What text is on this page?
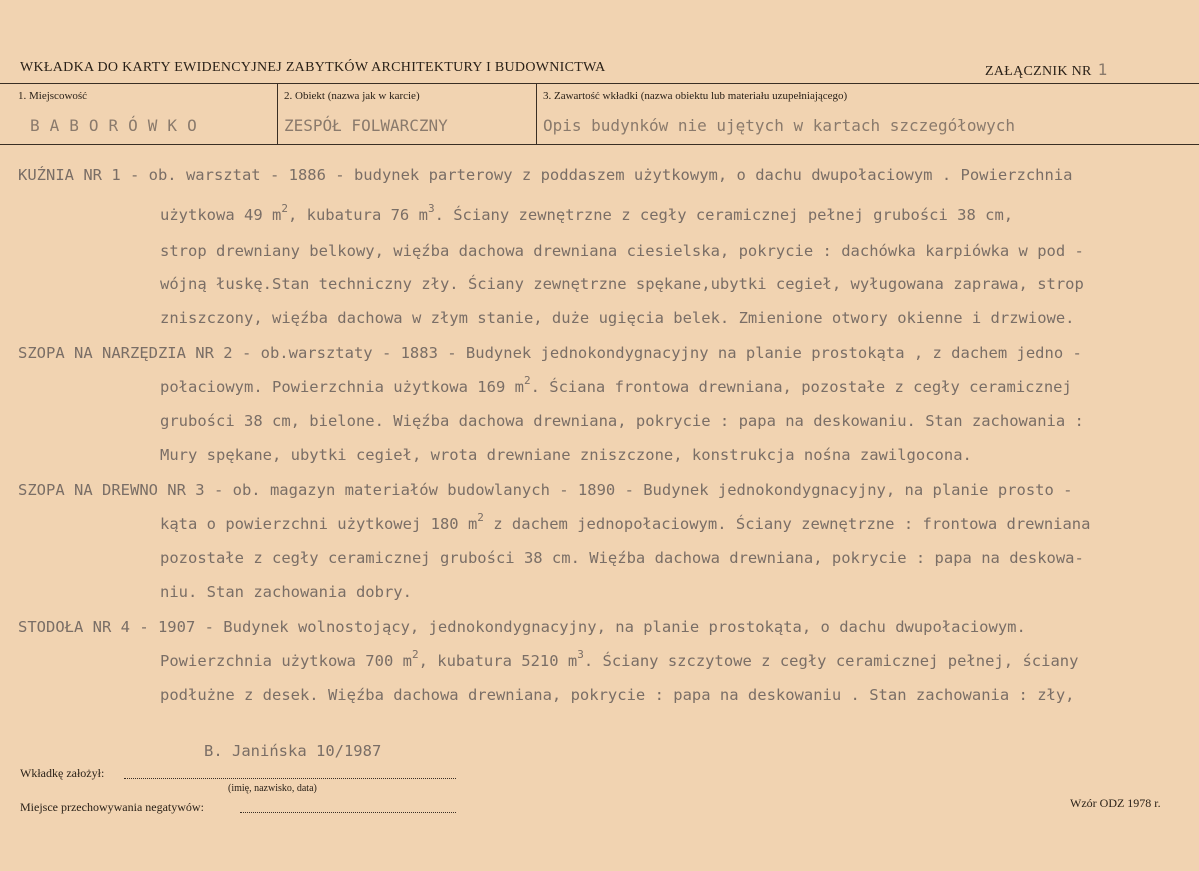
WKŁADKA DO KARTY EWIDENCYJNEJ ZABYTKÓW ARCHITEKTURY I BUDOWNICTWA	ZAŁĄCZNIK NR 1
1. Miejscowość
BABORÓWKO
2. Obiekt (nazwa jak w karcie)
ZESPÓŁ FOLWARCZNY
3. Zawartość wkładki (nazwa obiektu lub materiału uzupełniającego)
Opis budynków nie ujętych w kartach szczegółowych
KUŹNIA NR 1 - ob. warsztat - 1886 - budynek parterowy z poddaszem użytkowym, o dachu dwupołaciowym . Powierzchnia
użytkowa 49 $m^2$, kubatura 76 $m^3$. Ściany zewnętrzne z cegły ceramicznej pełnej grubości 38 cm,
strop drewniany belkowy, więźba dachowa drewniana ciesielska, pokrycie : dachówka karpiówka w pod -
wójną łuskę.Stan techniczny zły. Ściany zewnętrzne spękane,ubytki cegieł, wyługowana zaprawa, strop
zniszczony, więźba dachowa w złym stanie, duże ugięcia belek. Zmienione otwory okienne i drzwiowe.
SZOPA NA NARZĘDZIA NR 2 - ob.warsztaty - 1883 - Budynek jednokondygnacyjny na planie prostokąta , z dachem jedno -
połaciowym. Powierzchnia użytkowa 169 $m^2$. Ściana frontowa drewniana, pozostałe z cegły ceramicznej
grubości 38 cm, bielone. Więźba dachowa drewniana, pokrycie : papa na deskowaniu. Stan zachowania :
Mury spękane, ubytki cegieł, wrota drewniane zniszczone, konstrukcja nośna zawilgocona.
SZOPA NA DREWNO NR 3 - ob. magazyn materiałów budowlanych - 1890 - Budynek jednokondygnacyjny, na planie prosto -
kąta o powierzchni użytkowej 180 $m^2$ z dachem jednopołaciowym. Ściany zewnętrzne : frontowa drewniana
pozostałe z cegły ceramicznej grubości 38 cm. Więźba dachowa drewniana, pokrycie : papa na deskowa-
niu. Stan zachowania dobry.
STODOŁA NR 4 - 1907 - Budynek wolnostojący, jednokondygnacyjny, na planie prostokąta, o dachu dwupołaciowym.
Powierzchnia użytkowa 700 $m^2$, kubatura 5210 $m^3$. Ściany szczytowe z cegły ceramicznej pełnej, ściany
podłużne z desek. Więźba dachowa drewniana, pokrycie : papa na deskowaniu . Stan zachowania : zły,
B. Janińska 10/1987
Wkładkę założył:
(imię, nazwisko, data)
Miejsce przechowywania negatywów:	Wzór ODZ 1978 r.
